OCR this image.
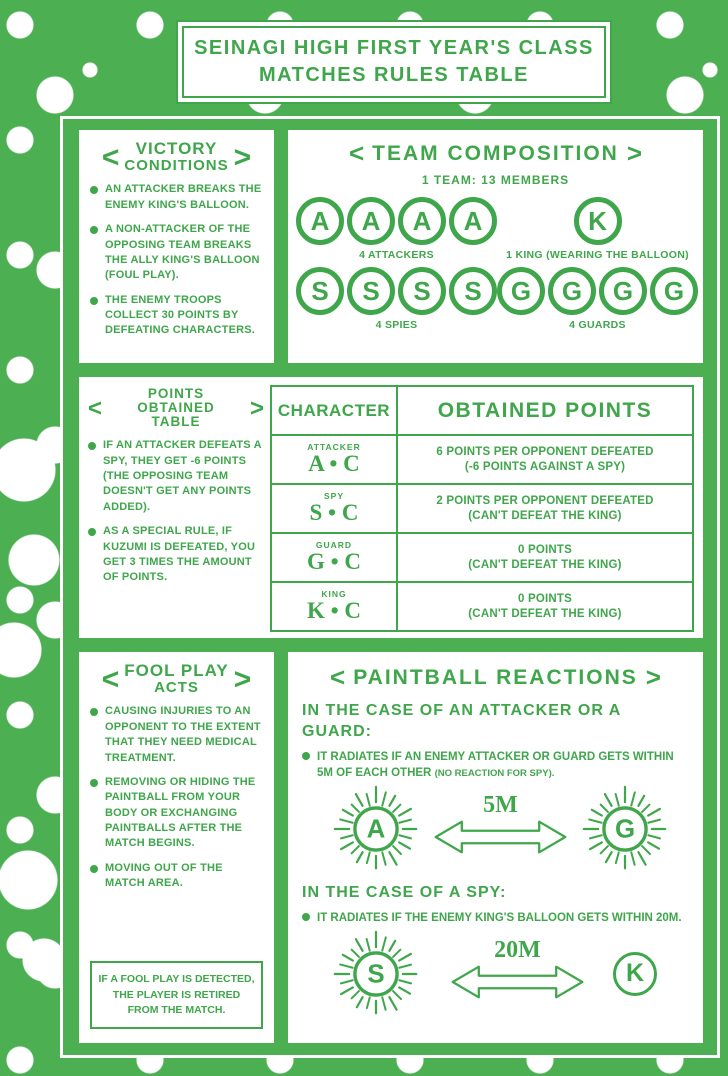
SEINAGI HIGH FIRST YEAR'S CLASS
MATCHES RULES TABLE
< VICTORY
CONDITIONS >
AN ATTACKER BREAKS THE ENEMY KING'S BALLOON.
A NON-ATTACKER OF THE OPPOSING TEAM BREAKS THE ALLY KING'S BALLOON (FOUL PLAY).
THE ENEMY TROOPS COLLECT 30 POINTS BY DEFEATING CHARACTERS.
< TEAM COMPOSITION >
1 TEAM: 13 MEMBERS
A	A	A	A
4 ATTACKERS
K
1 KING (WEARING THE BALLOON)
S	S	S	S
4 SPIES
G	G	G	G
4 GUARDS
<
POINTS OBTAINED
TABLE
>
IF AN ATTACKER DEFEATS A SPY, THEY GET -6 POINTS (THE OPPOSING TEAM DOESN'T GET ANY POINTS ADDED).
AS A SPECIAL RULE, IF KUZUMI IS DEFEATED, YOU GET 3 TIMES THE AMOUNT OF POINTS.
CHARACTER	OBTAINED POINTS
ATTACKER
A • C	6 POINTS PER OPPONENT DEFEATED
(-6 POINTS AGAINST A SPY)
SPY
S • C	2 POINTS PER OPPONENT DEFEATED
(CAN'T DEFEAT THE KING)
GUARD
G • C	0 POINTS
(CAN'T DEFEAT THE KING)
KING
K • C	0 POINTS
(CAN'T DEFEAT THE KING)
< FOOL PLAY
ACTS	>
CAUSING INJURIES TO AN OPPONENT TO THE EXTENT THAT THEY NEED MEDICAL TREATMENT.
REMOVING OR HIDING THE PAINTBALL FROM YOUR BODY OR EXCHANGING PAINTBALLS AFTER THE MATCH BEGINS.
MOVING OUT OF THE MATCH AREA.
IF A FOOL PLAY IS DETECTED, THE PLAYER IS RETIRED FROM THE MATCH.
< PAINTBALL REACTIONS >
IN THE CASE OF AN ATTACKER OR A GUARD:
IT RADIATES IF AN ENEMY ATTACKER OR GUARD GETS WITHIN 5M OF EACH OTHER (NO REACTION FOR SPY).
A
5M
G
IN THE CASE OF A SPY:
IT RADIATES IF THE ENEMY KING'S BALLOON GETS WITHIN 20M.
S
20M
K
